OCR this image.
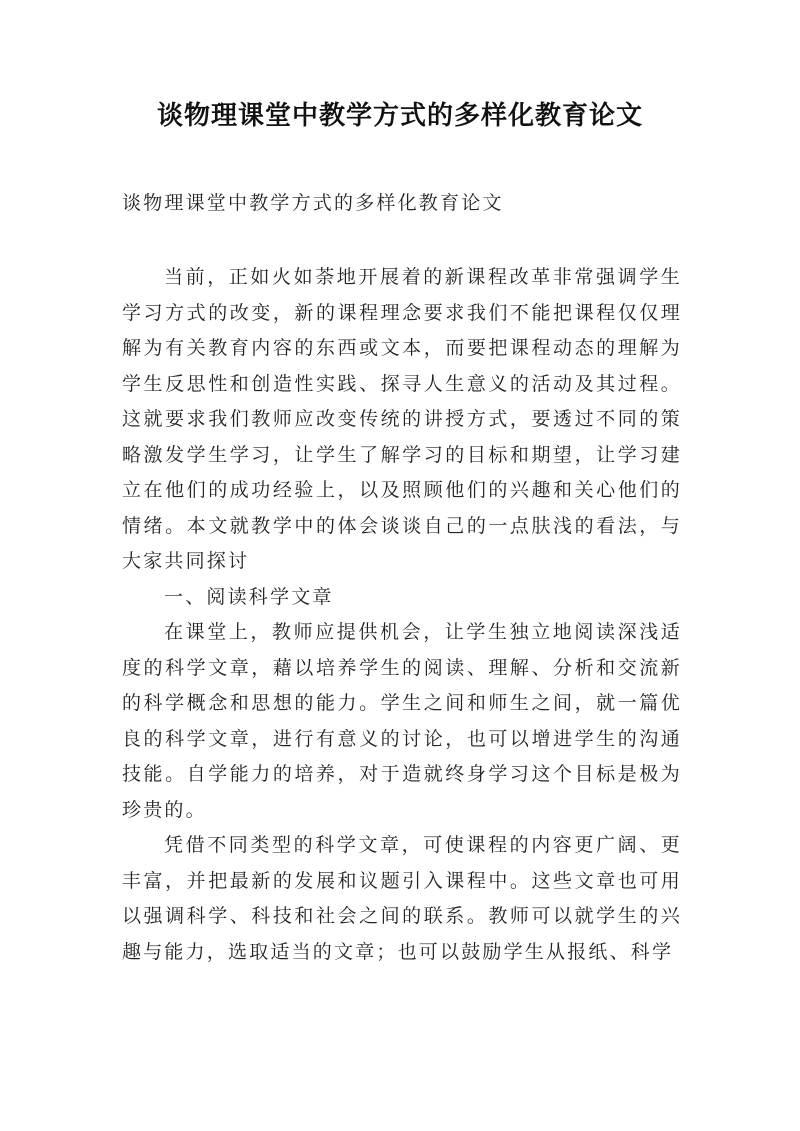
谈物理课堂中教学方式的多样化教育论文
谈物理课堂中教学方式的多样化教育论文

当前，正如火如荼地开展着的新课程改革非常强调学生学习方式的改变，新的课程理念要求我们不能把课程仅仅理解为有关教育内容的东西或文本，而要把课程动态的理解为学生反思性和创造性实践、探寻人生意义的活动及其过程。这就要求我们教师应改变传统的讲授方式，要透过不同的策略激发学生学习，让学生了解学习的目标和期望，让学习建立在他们的成功经验上，以及照顾他们的兴趣和关心他们的情绪。本文就教学中的体会谈谈自己的一点肤浅的看法，与大家共同探讨

一、阅读科学文章

在课堂上，教师应提供机会，让学生独立地阅读深浅适度的科学文章，藉以培养学生的阅读、理解、分析和交流新的科学概念和思想的能力。学生之间和师生之间，就一篇优良的科学文章，进行有意义的讨论，也可以增进学生的沟通技能。自学能力的培养，对于造就终身学习这个目标是极为珍贵的。

凭借不同类型的科学文章，可使课程的内容更广阔、更丰富，并把最新的发展和议题引入课程中。这些文章也可用以强调科学、科技和社会之间的联系。教师可以就学生的兴趣与能力，选取适当的文章；也可以鼓励学生从报纸、科学
